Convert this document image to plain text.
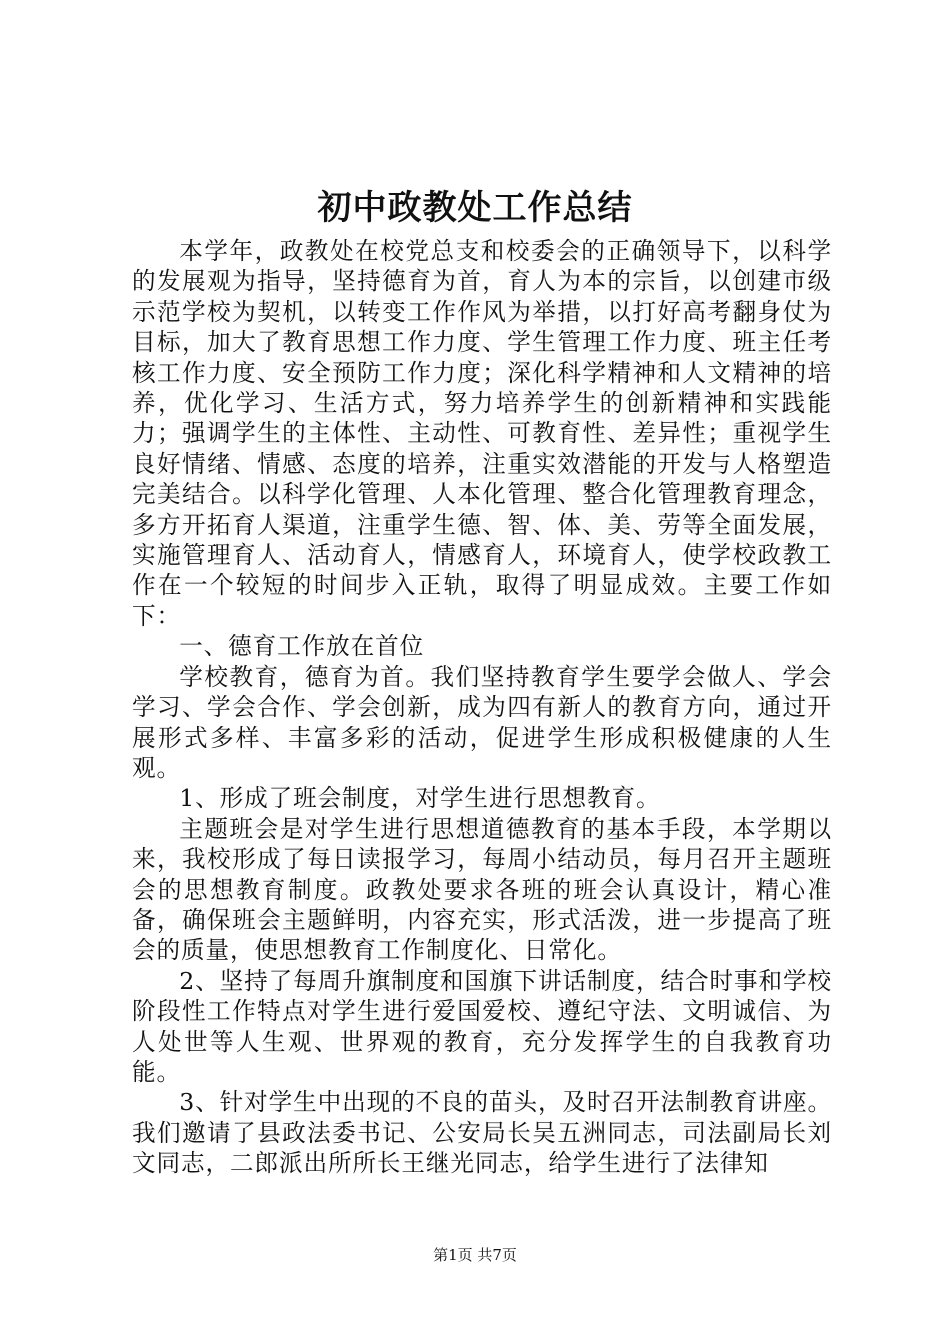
初中政教处工作总结

本学年，政教处在校党总支和校委会的正确领导下，以科学的发展观为指导，坚持德育为首，育人为本的宗旨，以创建市级示范学校为契机，以转变工作作风为举措，以打好高考翻身仗为目标，加大了教育思想工作力度、学生管理工作力度、班主任考核工作力度、安全预防工作力度；深化科学精神和人文精神的培养，优化学习、生活方式，努力培养学生的创新精神和实践能力；强调学生的主体性、主动性、可教育性、差异性；重视学生良好情绪、情感、态度的培养，注重实效潜能的开发与人格塑造完美结合。以科学化管理、人本化管理、整合化管理教育理念，多方开拓育人渠道，注重学生德、智、体、美、劳等全面发展，实施管理育人、活动育人，情感育人，环境育人，使学校政教工作在一个较短的时间步入正轨，取得了明显成效。主要工作如下：

一、德育工作放在首位

学校教育，德育为首。我们坚持教育学生要学会做人、学会学习、学会合作、学会创新，成为四有新人的教育方向，通过开展形式多样、丰富多彩的活动，促进学生形成积极健康的人生观。

1、形成了班会制度，对学生进行思想教育。

主题班会是对学生进行思想道德教育的基本手段，本学期以来，我校形成了每日读报学习，每周小结动员，每月召开主题班会的思想教育制度。政教处要求各班的班会认真设计，精心准备，确保班会主题鲜明，内容充实，形式活泼，进一步提高了班会的质量，使思想教育工作制度化、日常化。

2、坚持了每周升旗制度和国旗下讲话制度，结合时事和学校阶段性工作特点对学生进行爱国爱校、遵纪守法、文明诚信、为人处世等人生观、世界观的教育，充分发挥学生的自我教育功能。

3、针对学生中出现的不良的苗头，及时召开法制教育讲座。我们邀请了县政法委书记、公安局长吴五洲同志，司法副局长刘文同志，二郎派出所所长王继光同志，给学生进行了法律知

第1页 共7页
